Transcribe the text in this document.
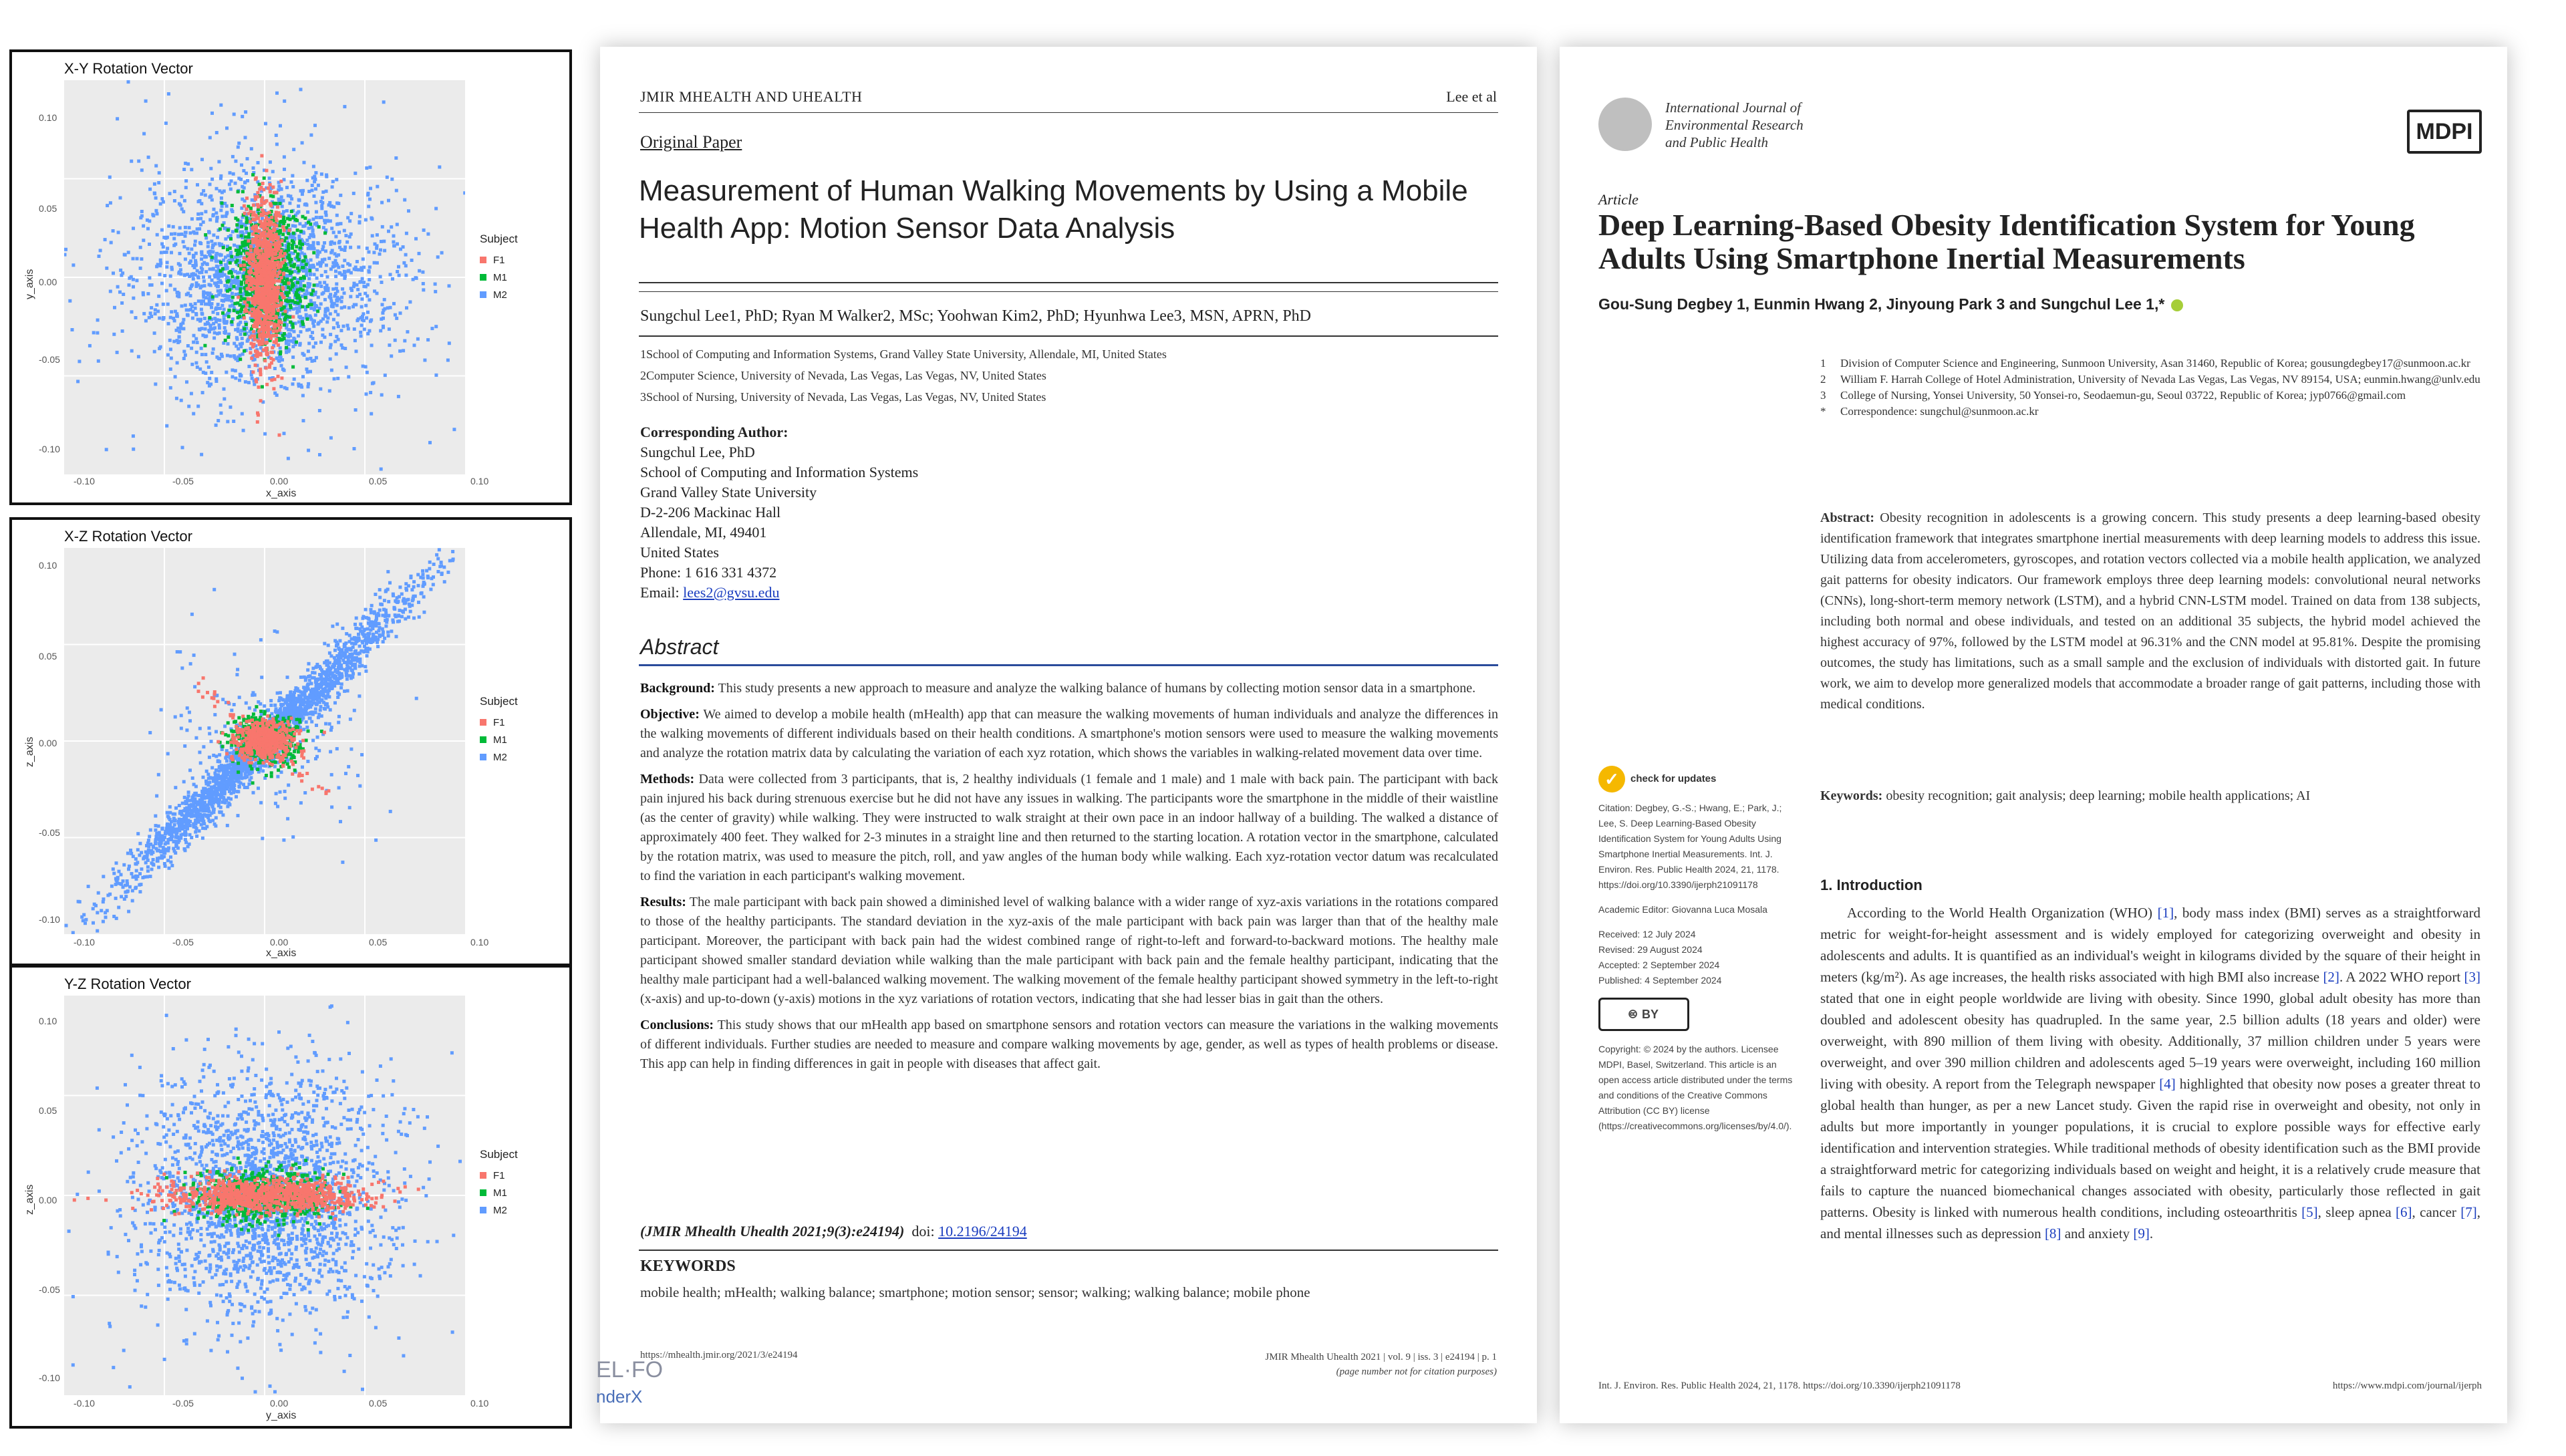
X-Y Rotation Vector
0.10
0.05
0.00
-0.05
-0.10
y_axis
-0.10	-0.05	0.00	0.05	0.10
x_axis
Subject
F1
M1
M2
X-Z Rotation Vector
0.10
0.05
0.00
-0.05
-0.10
z_axis
-0.10	-0.05	0.00	0.05	0.10
x_axis
Subject
F1
M1
M2
Y-Z Rotation Vector
0.10
0.05
0.00
-0.05
-0.10
z_axis
-0.10	-0.05	0.00	0.05	0.10
y_axis
Subject
F1
M1
M2
JMIR MHEALTH AND UHEALTH	Lee et al
Original Paper
Measurement of Human Walking Movements by Using a Mobile Health App: Motion Sensor Data Analysis
Sungchul Lee1, PhD; Ryan M Walker2, MSc; Yoohwan Kim2, PhD; Hyunhwa Lee3, MSN, APRN, PhD
1School of Computing and Information Systems, Grand Valley State University, Allendale, MI, United States
2Computer Science, University of Nevada, Las Vegas, Las Vegas, NV, United States
3School of Nursing, University of Nevada, Las Vegas, Las Vegas, NV, United States
Corresponding Author:
Sungchul Lee, PhD
School of Computing and Information Systems
Grand Valley State University
D-2-206 Mackinac Hall
Allendale, MI, 49401
United States
Phone: 1 616 331 4372
Email: lees2@gvsu.edu
Abstract

Background: This study presents a new approach to measure and analyze the walking balance of humans by collecting motion sensor data in a smartphone.

Objective: We aimed to develop a mobile health (mHealth) app that can measure the walking movements of human individuals and analyze the differences in the walking movements of different individuals based on their health conditions. A smartphone's motion sensors were used to measure the walking movements and analyze the rotation matrix data by calculating the variation of each xyz rotation, which shows the variables in walking-related movement data over time.

Methods: Data were collected from 3 participants, that is, 2 healthy individuals (1 female and 1 male) and 1 male with back pain. The participant with back pain injured his back during strenuous exercise but he did not have any issues in walking. The participants wore the smartphone in the middle of their waistline (as the center of gravity) while walking. They were instructed to walk straight at their own pace in an indoor hallway of a building. The walked a distance of approximately 400 feet. They walked for 2-3 minutes in a straight line and then returned to the starting location. A rotation vector in the smartphone, calculated by the rotation matrix, was used to measure the pitch, roll, and yaw angles of the human body while walking. Each xyz-rotation vector datum was recalculated to find the variation in each participant's walking movement.

Results: The male participant with back pain showed a diminished level of walking balance with a wider range of xyz-axis variations in the rotations compared to those of the healthy participants. The standard deviation in the xyz-axis of the male participant with back pain was larger than that of the healthy male participant. Moreover, the participant with back pain had the widest combined range of right-to-left and forward-to-backward motions. The healthy male participant showed smaller standard deviation while walking than the male participant with back pain and the female healthy participant, indicating that the healthy male participant had a well-balanced walking movement. The walking movement of the female healthy participant showed symmetry in the left-to-right (x-axis) and up-to-down (y-axis) motions in the xyz variations of rotation vectors, indicating that she had lesser bias in gait than the others.

Conclusions: This study shows that our mHealth app based on smartphone sensors and rotation vectors can measure the variations in the walking movements of different individuals. Further studies are needed to measure and compare walking movements by age, gender, as well as types of health problems or disease. This app can help in finding differences in gait in people with diseases that affect gait.

(JMIR Mhealth Uhealth 2021;9(3):e24194) doi: 10.2196/24194
KEYWORDS
mobile health; mHealth; walking balance; smartphone; motion sensor; sensor; walking; walking balance; mobile phone
https://mhealth.jmir.org/2021/3/e24194	JMIR Mhealth Uhealth 2021 | vol. 9 | iss. 3 | e24194 | p. 1
(page number not for citation purposes)
EL·FO
nderX
International Journal of
Environmental Research
and Public Health	MDPI
Article
Deep Learning-Based Obesity Identification System for Young Adults Using Smartphone Inertial Measurements
Gou-Sung Degbey 1, Eunmin Hwang 2, Jinyoung Park 3 and Sungchul Lee 1,*
1 Division of Computer Science and Engineering, Sunmoon University, Asan 31460, Republic of Korea; gousungdegbey17@sunmoon.ac.kr
2 William F. Harrah College of Hotel Administration, University of Nevada Las Vegas, Las Vegas, NV 89154, USA; eunmin.hwang@unlv.edu
3 College of Nursing, Yonsei University, 50 Yonsei-ro, Seodaemun-gu, Seoul 03722, Republic of Korea; jyp0766@gmail.com
* Correspondence: sungchul@sunmoon.ac.kr
Abstract: Obesity recognition in adolescents is a growing concern. This study presents a deep learning-based obesity identification framework that integrates smartphone inertial measurements with deep learning models to address this issue. Utilizing data from accelerometers, gyroscopes, and rotation vectors collected via a mobile health application, we analyzed gait patterns for obesity indicators. Our framework employs three deep learning models: convolutional neural networks (CNNs), long-short-term memory network (LSTM), and a hybrid CNN-LSTM model. Trained on data from 138 subjects, including both normal and obese individuals, and tested on an additional 35 subjects, the hybrid model achieved the highest accuracy of 97%, followed by the LSTM model at 96.31% and the CNN model at 95.81%. Despite the promising outcomes, the study has limitations, such as a small sample and the exclusion of individuals with distorted gait. In future work, we aim to develop more generalized models that accommodate a broader range of gait patterns, including those with medical conditions.
Keywords: obesity recognition; gait analysis; deep learning; mobile health applications; AI
✓	check for updates
Citation: Degbey, G.-S.; Hwang, E.; Park, J.; Lee, S. Deep Learning-Based Obesity Identification System for Young Adults Using Smartphone Inertial Measurements. Int. J. Environ. Res. Public Health 2024, 21, 1178. https://doi.org/10.3390/ijerph21091178
Academic Editor: Giovanna Luca Mosala
Received: 12 July 2024
Revised: 29 August 2024
Accepted: 2 September 2024
Published: 4 September 2024
🅭 BY
Copyright: © 2024 by the authors. Licensee MDPI, Basel, Switzerland. This article is an open access article distributed under the terms and conditions of the Creative Commons Attribution (CC BY) license (https://creativecommons.org/licenses/by/4.0/).
1. Introduction
According to the World Health Organization (WHO) [1], body mass index (BMI) serves as a straightforward metric for weight-for-height assessment and is widely employed for categorizing overweight and obesity in adolescents and adults. It is quantified as an individual's weight in kilograms divided by the square of their height in meters (kg/m²). As age increases, the health risks associated with high BMI also increase [2]. A 2022 WHO report [3] stated that one in eight people worldwide are living with obesity. Since 1990, global adult obesity has more than doubled and adolescent obesity has quadrupled. In the same year, 2.5 billion adults (18 years and older) were overweight, with 890 million of them living with obesity. Additionally, 37 million children under 5 years were overweight, and over 390 million children and adolescents aged 5–19 years were overweight, including 160 million living with obesity. A report from the Telegraph newspaper [4] highlighted that obesity now poses a greater threat to global health than hunger, as per a new Lancet study. Given the rapid rise in overweight and obesity, not only in adults but more importantly in younger populations, it is crucial to explore possible ways for effective early identification and intervention strategies. While traditional methods of obesity identification such as the BMI provide a straightforward metric for categorizing individuals based on weight and height, it is a relatively crude measure that fails to capture the nuanced biomechanical changes associated with obesity, particularly those reflected in gait patterns. Obesity is linked with numerous health conditions, including osteoarthritis [5], sleep apnea [6], cancer [7], and mental illnesses such as depression [8] and anxiety [9].
Int. J. Environ. Res. Public Health 2024, 21, 1178. https://doi.org/10.3390/ijerph21091178	https://www.mdpi.com/journal/ijerph
